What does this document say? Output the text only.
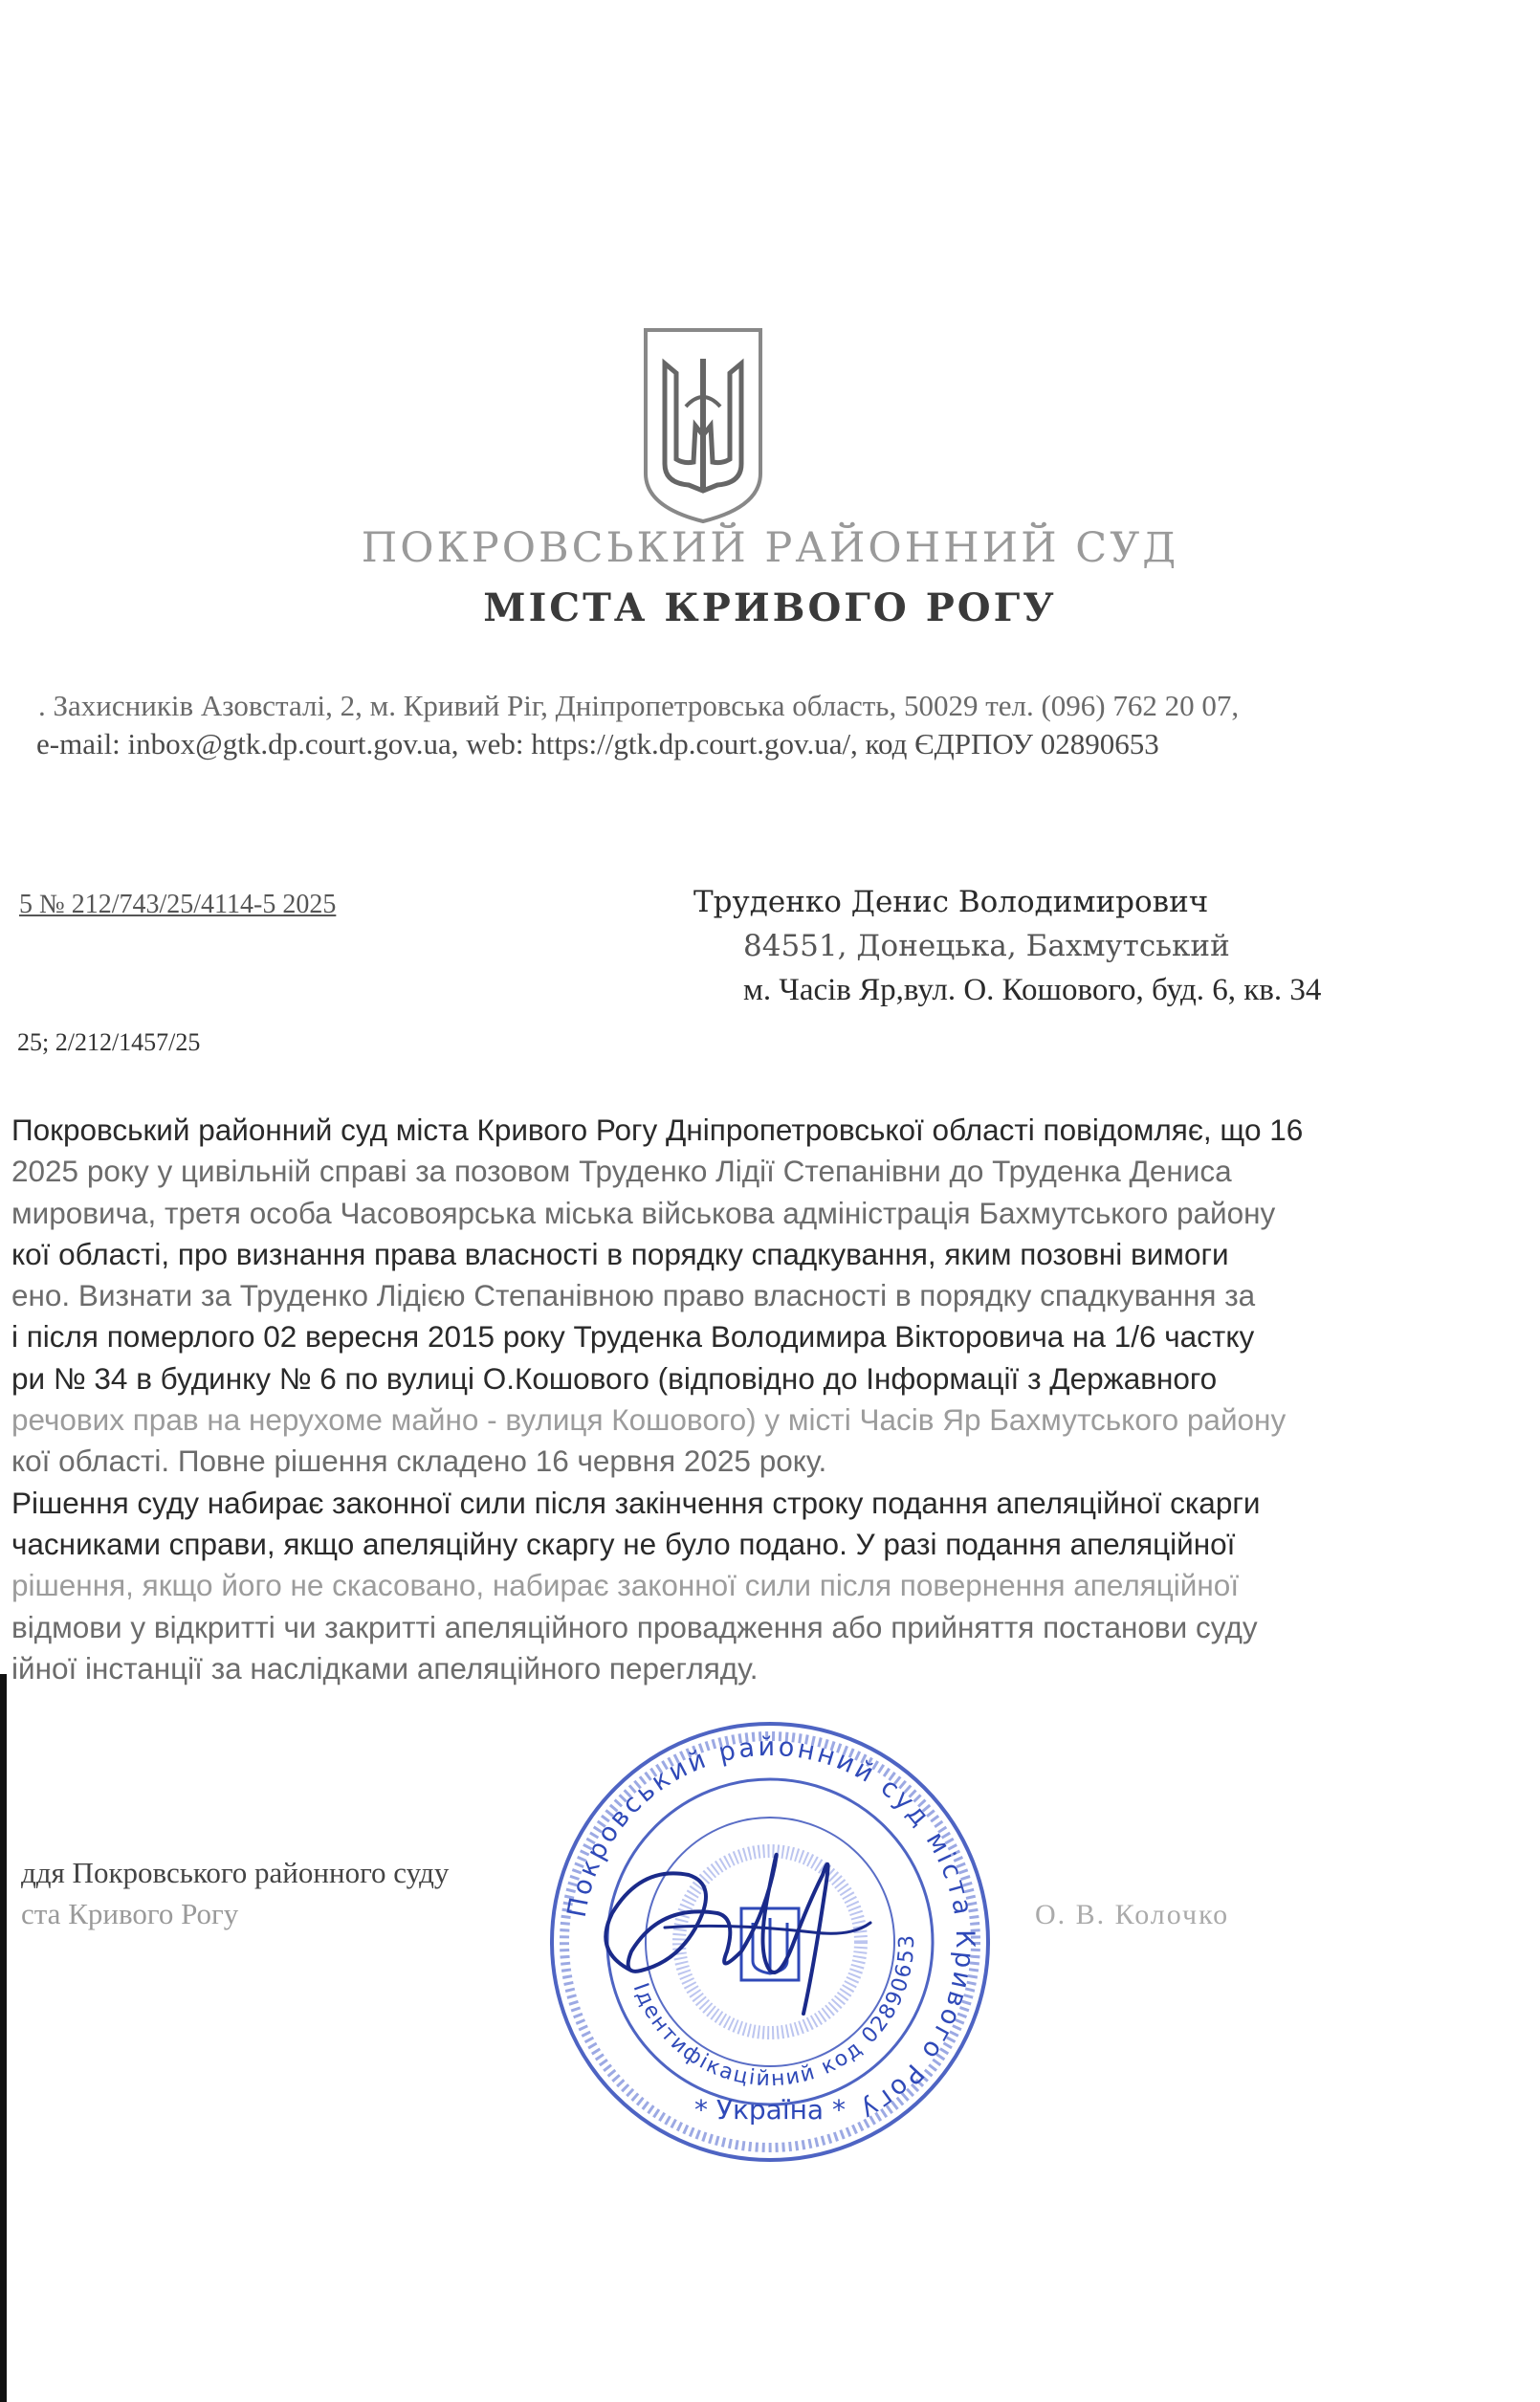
ПОКРОВСЬКИЙ РАЙОННИЙ СУД
МІСТА КРИВОГО РОГУ
. Захисників Азовсталі, 2, м. Кривий Ріг, Дніпропетровська область, 50029 тел. (096) 762 20 07,
e-mail: inbox@gtk.dp.court.gov.ua, web: https://gtk.dp.court.gov.ua/, код ЄДРПОУ 02890653
5 № 212/743/25/4114-5 2025	Труденко Денис Володимирович
84551, Донецька, Бахмутський
м. Часів Яр,вул. О. Кошового, буд. 6, кв. 34
25; 2/212/1457/25
Покровський районний суд міста Кривого Рогу Дніпропетровської області повідомляє, що 16
2025 року у цивільній справі за позовом Труденко Лідії Степанівни до Труденка Дениса
мировича, третя особа Часовоярська міська військова адміністрація Бахмутського району
кої області, про визнання права власності в порядку спадкування, яким позовні вимоги
ено. Визнати за Труденко Лідією Степанівною право власності в порядку спадкування за
і після померлого 02 вересня 2015 року Труденка Володимира Вікторовича на 1/6 частку
ри № 34 в будинку № 6 по вулиці О.Кошового (відповідно до Інформації з Державного
речових прав на нерухоме майно - вулиця Кошового) у місті Часів Яр Бахмутського району
кої області. Повне рішення складено 16 червня 2025 року.
Рішення суду набирає законної сили після закінчення строку подання апеляційної скарги
часниками справи, якщо апеляційну скаргу не було подано. У разі подання апеляційної
рішення, якщо його не скасовано, набирає законної сили після повернення апеляційної
відмови у відкритті чи закритті апеляційного провадження або прийняття постанови суду
ійної інстанції за наслідками апеляційного перегляду.
ддя Покровського районного суду
ста Кривого Рогу	О. В. Колочко
Покровський районний суд міста Кривого Рогу
Ідентифікаційний код 02890653
* Україна *
